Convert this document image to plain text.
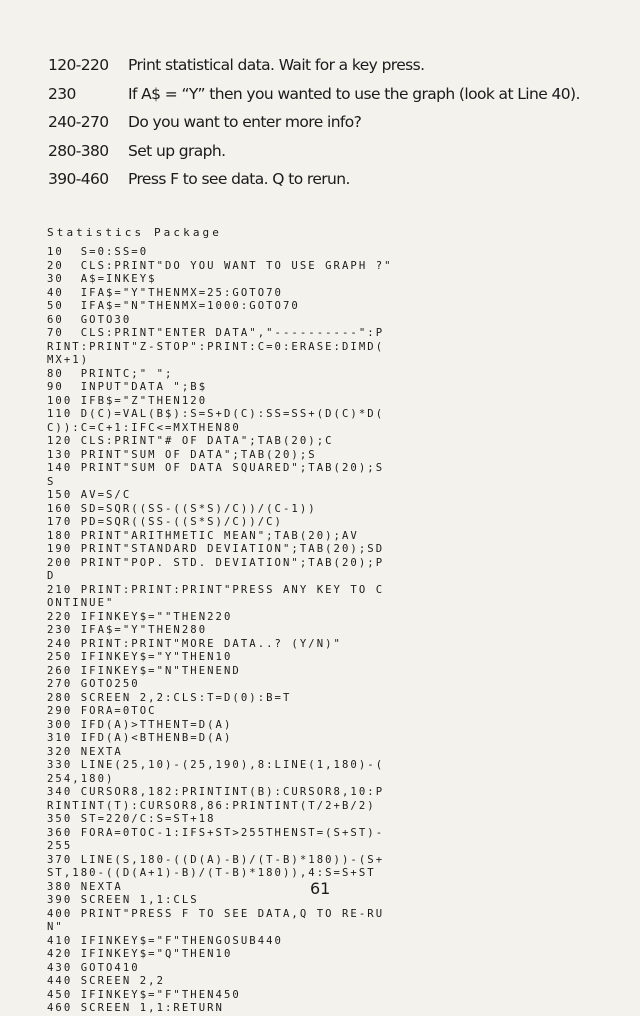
120-220	Print statistical data. Wait for a key press.
230	If A$ = “Y” then you wanted to use the graph (look at Line 40).
240-270	Do you want to enter more info?
280-380	Set up graph.
390-460	Press F to see data. Q to rerun.
Statistics Package
10  S=0:SS=0
20  CLS:PRINT"DO YOU WANT TO USE GRAPH ?"
30  A$=INKEY$
40  IFA$="Y"THENMX=25:GOTO70
50  IFA$="N"THENMX=1000:GOTO70
60  GOTO30
70  CLS:PRINT"ENTER DATA","----------":P
RINT:PRINT"Z-STOP":PRINT:C=0:ERASE:DIMD(
MX+1)
80  PRINTC;" ";
90  INPUT"DATA ";B$
100 IFB$="Z"THEN120
110 D(C)=VAL(B$):S=S+D(C):SS=SS+(D(C)*D(
C)):C=C+1:IFC<=MXTHEN80
120 CLS:PRINT"# OF DATA";TAB(20);C
130 PRINT"SUM OF DATA";TAB(20);S
140 PRINT"SUM OF DATA SQUARED";TAB(20);S
S
150 AV=S/C
160 SD=SQR((SS-((S*S)/C))/(C-1))
170 PD=SQR((SS-((S*S)/C))/C)
180 PRINT"ARITHMETIC MEAN";TAB(20);AV
190 PRINT"STANDARD DEVIATION";TAB(20);SD
200 PRINT"POP. STD. DEVIATION";TAB(20);P
D
210 PRINT:PRINT:PRINT"PRESS ANY KEY TO C
ONTINUE"
220 IFINKEY$=""THEN220
230 IFA$="Y"THEN280
240 PRINT:PRINT"MORE DATA..? (Y/N)"
250 IFINKEY$="Y"THEN10
260 IFINKEY$="N"THENEND
270 GOTO250
280 SCREEN 2,2:CLS:T=D(0):B=T
290 FORA=0TOC
300 IFD(A)>TTHENT=D(A)
310 IFD(A)<BTHENB=D(A)
320 NEXTA
330 LINE(25,10)-(25,190),8:LINE(1,180)-(
254,180)
340 CURSOR8,182:PRINTINT(B):CURSOR8,10:P
RINTINT(T):CURSOR8,86:PRINTINT(T/2+B/2)
350 ST=220/C:S=ST+18
360 FORA=0TOC-1:IFS+ST>255THENST=(S+ST)-
255
370 LINE(S,180-((D(A)-B)/(T-B)*180))-(S+
ST,180-((D(A+1)-B)/(T-B)*180)),4:S=S+ST
380 NEXTA
390 SCREEN 1,1:CLS
400 PRINT"PRESS F TO SEE DATA,Q TO RE-RU
N"
410 IFINKEY$="F"THENGOSUB440
420 IFINKEY$="Q"THEN10
430 GOTO410
440 SCREEN 2,2
450 IFINKEY$="F"THEN450
460 SCREEN 1,1:RETURN
61
